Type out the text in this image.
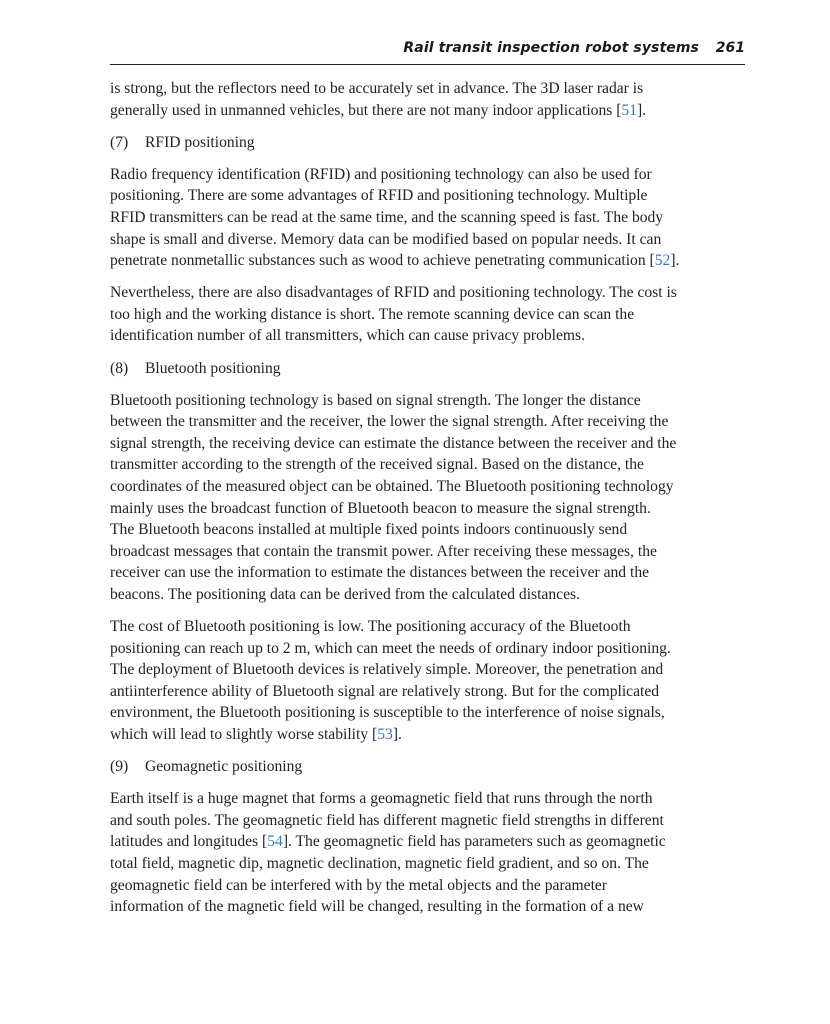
Rail transit inspection robot systems 261

is strong, but the reflectors need to be accurately set in advance. The 3D laser radar is
generally used in unmanned vehicles, but there are not many indoor applications [51].

(7) RFID positioning

Radio frequency identification (RFID) and positioning technology can also be used for
positioning. There are some advantages of RFID and positioning technology. Multiple
RFID transmitters can be read at the same time, and the scanning speed is fast. The body
shape is small and diverse. Memory data can be modified based on popular needs. It can
penetrate nonmetallic substances such as wood to achieve penetrating communication [52].

Nevertheless, there are also disadvantages of RFID and positioning technology. The cost is
too high and the working distance is short. The remote scanning device can scan the
identification number of all transmitters, which can cause privacy problems.

(8) Bluetooth positioning

Bluetooth positioning technology is based on signal strength. The longer the distance
between the transmitter and the receiver, the lower the signal strength. After receiving the
signal strength, the receiving device can estimate the distance between the receiver and the
transmitter according to the strength of the received signal. Based on the distance, the
coordinates of the measured object can be obtained. The Bluetooth positioning technology
mainly uses the broadcast function of Bluetooth beacon to measure the signal strength.
The Bluetooth beacons installed at multiple fixed points indoors continuously send
broadcast messages that contain the transmit power. After receiving these messages, the
receiver can use the information to estimate the distances between the receiver and the
beacons. The positioning data can be derived from the calculated distances.

The cost of Bluetooth positioning is low. The positioning accuracy of the Bluetooth
positioning can reach up to 2 m, which can meet the needs of ordinary indoor positioning.
The deployment of Bluetooth devices is relatively simple. Moreover, the penetration and
antiinterference ability of Bluetooth signal are relatively strong. But for the complicated
environment, the Bluetooth positioning is susceptible to the interference of noise signals,
which will lead to slightly worse stability [53].

(9) Geomagnetic positioning

Earth itself is a huge magnet that forms a geomagnetic field that runs through the north
and south poles. The geomagnetic field has different magnetic field strengths in different
latitudes and longitudes [54]. The geomagnetic field has parameters such as geomagnetic
total field, magnetic dip, magnetic declination, magnetic field gradient, and so on. The
geomagnetic field can be interfered with by the metal objects and the parameter
information of the magnetic field will be changed, resulting in the formation of a new
